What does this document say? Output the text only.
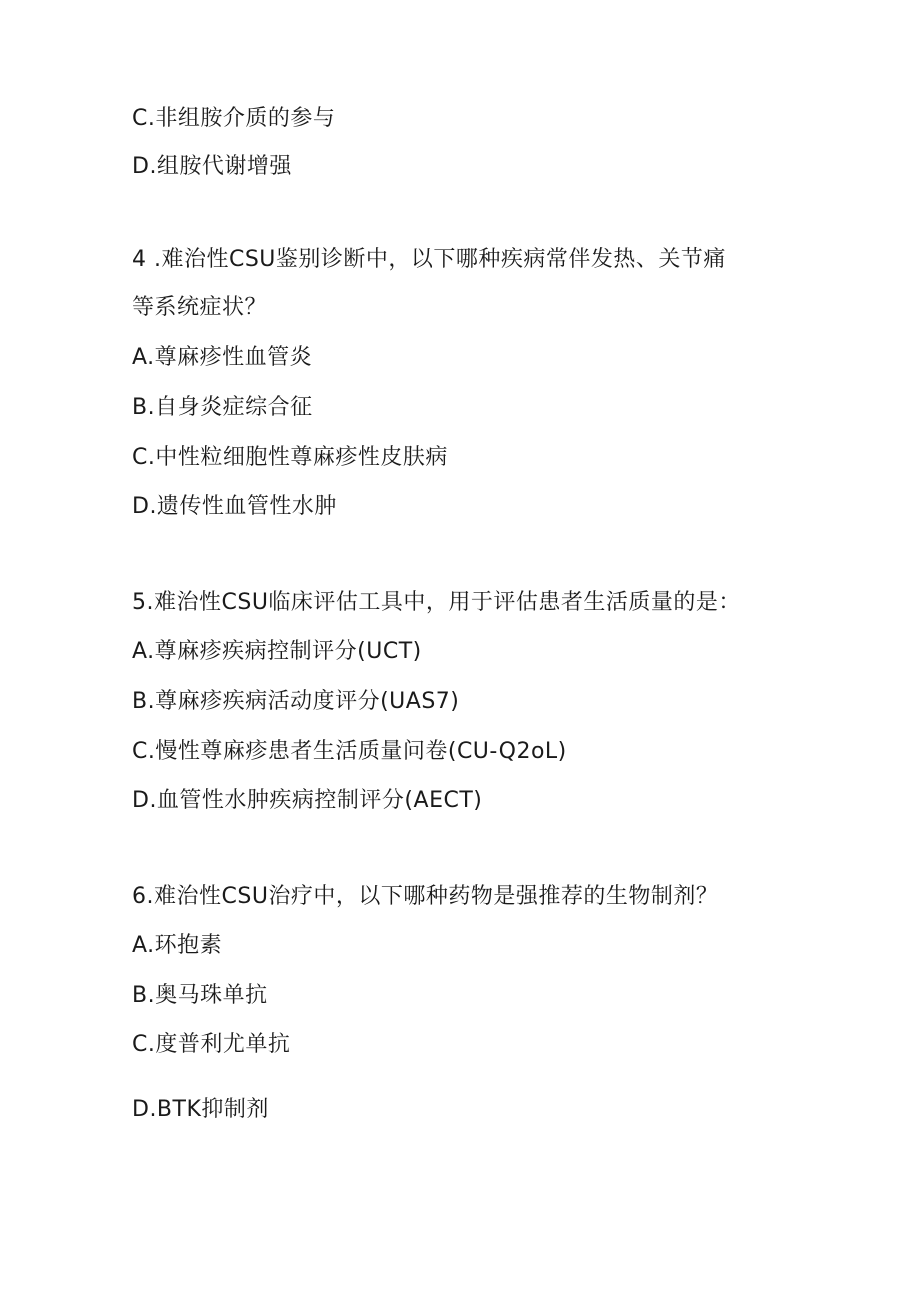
C.非组胺介质的参与
D.组胺代谢增强
4 .难治性CSU鉴别诊断中，以下哪种疾病常伴发热、关节痛
等系统症状？
A.尊麻疹性血管炎
B.自身炎症综合征
C.中性粒细胞性尊麻疹性皮肤病
D.遗传性血管性水肿
5.难治性CSU临床评估工具中，用于评估患者生活质量的是：
A.尊麻疹疾病控制评分(UCT)
B.尊麻疹疾病活动度评分(UAS7)
C.慢性尊麻疹患者生活质量问卷(CU-Q2oL)
D.血管性水肿疾病控制评分(AECT)
6.难治性CSU治疗中，以下哪种药物是强推荐的生物制剂？
A.环抱素
B.奥马珠单抗
C.度普利尤单抗
D.BTK抑制剂
